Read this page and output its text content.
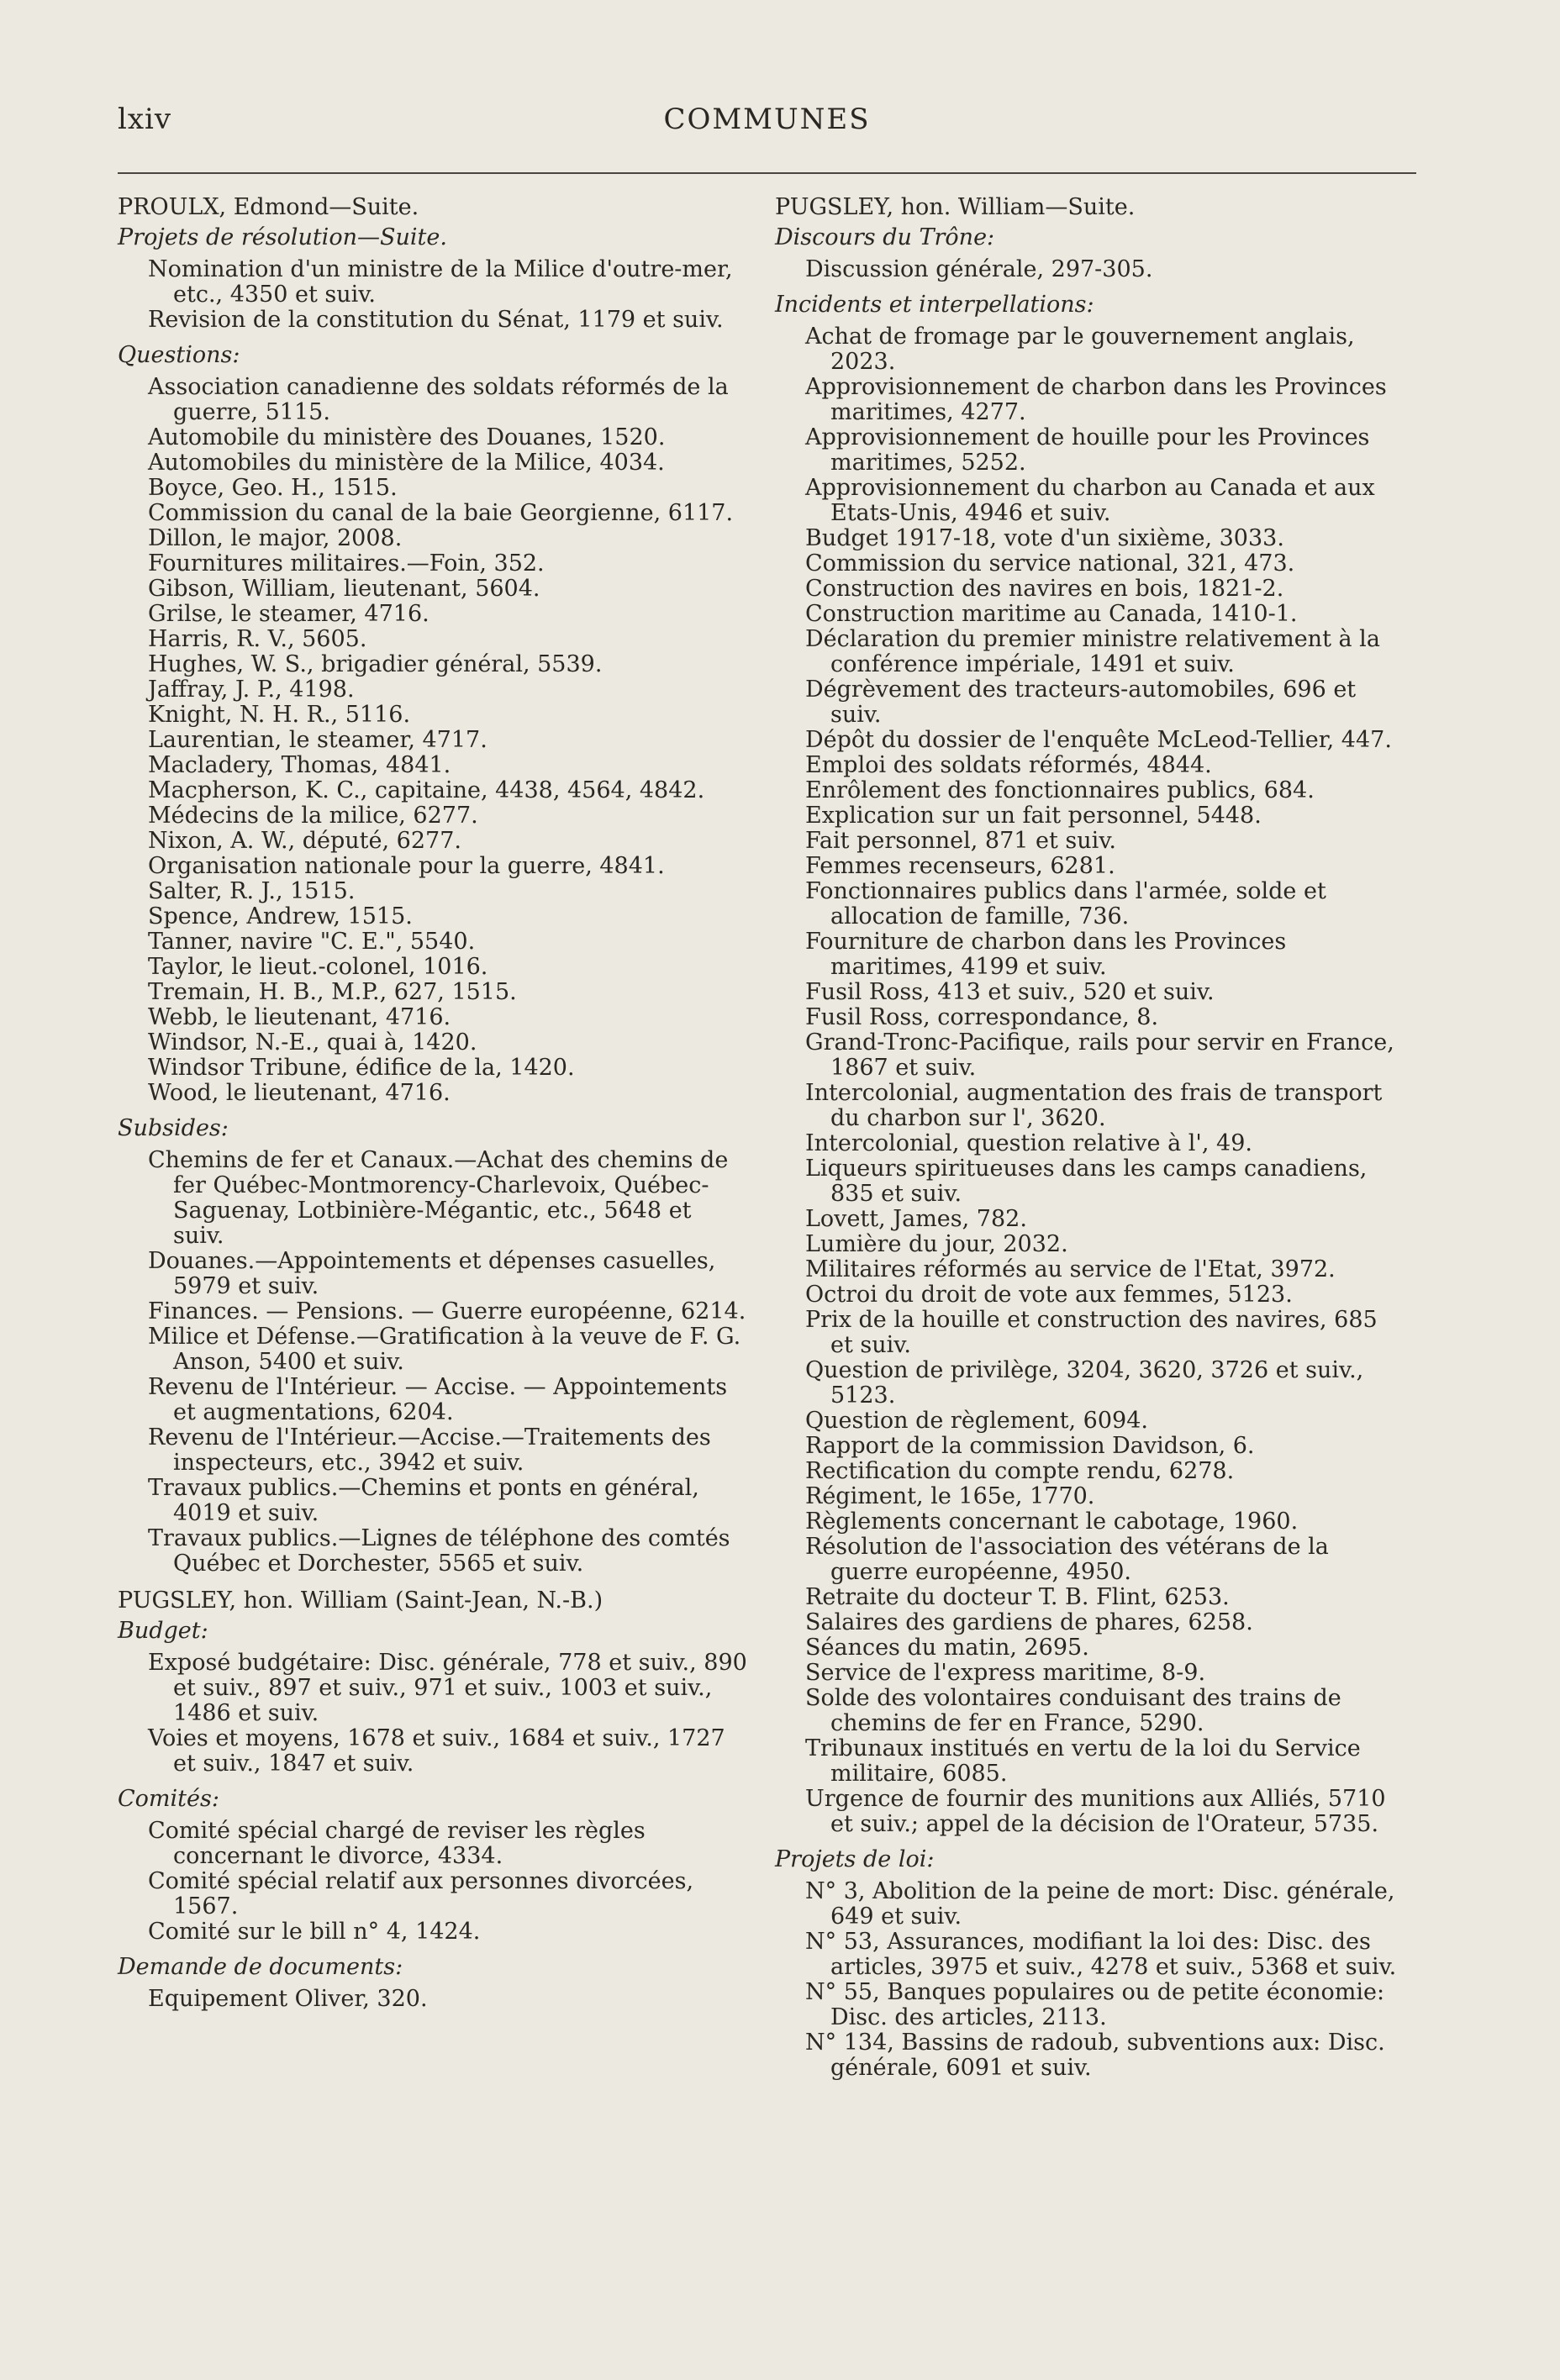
lxiv	COMMUNES

PROULX, Edmond—Suite.

Projets de résolution—Suite.

Nomination d'un ministre de la Milice d'outre-mer, etc., 4350 et suiv.

Revision de la constitution du Sénat, 1179 et suiv.

Questions:

Association canadienne des soldats réformés de la guerre, 5115.

Automobile du ministère des Douanes, 1520.

Automobiles du ministère de la Milice, 4034.

Boyce, Geo. H., 1515.

Commission du canal de la baie Georgienne, 6117.

Dillon, le major, 2008.

Fournitures militaires.—Foin, 352.

Gibson, William, lieutenant, 5604.

Grilse, le steamer, 4716.

Harris, R. V., 5605.

Hughes, W. S., brigadier général, 5539.

Jaffray, J. P., 4198.

Knight, N. H. R., 5116.

Laurentian, le steamer, 4717.

Macladery, Thomas, 4841.

Macpherson, K. C., capitaine, 4438, 4564, 4842.

Médecins de la milice, 6277.

Nixon, A. W., député, 6277.

Organisation nationale pour la guerre, 4841.

Salter, R. J., 1515.

Spence, Andrew, 1515.

Tanner, navire "C. E.", 5540.

Taylor, le lieut.-colonel, 1016.

Tremain, H. B., M.P., 627, 1515.

Webb, le lieutenant, 4716.

Windsor, N.-E., quai à, 1420.

Windsor Tribune, édifice de la, 1420.

Wood, le lieutenant, 4716.

Subsides:

Chemins de fer et Canaux.—Achat des chemins de fer Québec-Montmorency-Charlevoix, Québec-Saguenay, Lotbinière-Mégantic, etc., 5648 et suiv.

Douanes.—Appointements et dépenses casuelles, 5979 et suiv.

Finances. — Pensions. — Guerre européenne, 6214.

Milice et Défense.—Gratification à la veuve de F. G. Anson, 5400 et suiv.

Revenu de l'Intérieur. — Accise. — Appointements et augmentations, 6204.

Revenu de l'Intérieur.—Accise.—Traitements des inspecteurs, etc., 3942 et suiv.

Travaux publics.—Chemins et ponts en général, 4019 et suiv.

Travaux publics.—Lignes de téléphone des comtés Québec et Dorchester, 5565 et suiv.

PUGSLEY, hon. William (Saint-Jean, N.-B.)

Budget:

Exposé budgétaire: Disc. générale, 778 et suiv., 890 et suiv., 897 et suiv., 971 et suiv., 1003 et suiv., 1486 et suiv.

Voies et moyens, 1678 et suiv., 1684 et suiv., 1727 et suiv., 1847 et suiv.

Comités:

Comité spécial chargé de reviser les règles concernant le divorce, 4334.

Comité spécial relatif aux personnes divorcées, 1567.

Comité sur le bill n° 4, 1424.

Demande de documents:

Equipement Oliver, 320.

PUGSLEY, hon. William—Suite.

Discours du Trône:

Discussion générale, 297-305.

Incidents et interpellations:

Achat de fromage par le gouvernement anglais, 2023.

Approvisionnement de charbon dans les Provinces maritimes, 4277.

Approvisionnement de houille pour les Provinces maritimes, 5252.

Approvisionnement du charbon au Canada et aux Etats-Unis, 4946 et suiv.

Budget 1917-18, vote d'un sixième, 3033.

Commission du service national, 321, 473.

Construction des navires en bois, 1821-2.

Construction maritime au Canada, 1410-1.

Déclaration du premier ministre relativement à la conférence impériale, 1491 et suiv.

Dégrèvement des tracteurs-automobiles, 696 et suiv.

Dépôt du dossier de l'enquête McLeod-Tellier, 447.

Emploi des soldats réformés, 4844.

Enrôlement des fonctionnaires publics, 684.

Explication sur un fait personnel, 5448.

Fait personnel, 871 et suiv.

Femmes recenseurs, 6281.

Fonctionnaires publics dans l'armée, solde et allocation de famille, 736.

Fourniture de charbon dans les Provinces maritimes, 4199 et suiv.

Fusil Ross, 413 et suiv., 520 et suiv.

Fusil Ross, correspondance, 8.

Grand-Tronc-Pacifique, rails pour servir en France, 1867 et suiv.

Intercolonial, augmentation des frais de transport du charbon sur l', 3620.

Intercolonial, question relative à l', 49.

Liqueurs spiritueuses dans les camps canadiens, 835 et suiv.

Lovett, James, 782.

Lumière du jour, 2032.

Militaires réformés au service de l'Etat, 3972.

Octroi du droit de vote aux femmes, 5123.

Prix de la houille et construction des navires, 685 et suiv.

Question de privilège, 3204, 3620, 3726 et suiv., 5123.

Question de règlement, 6094.

Rapport de la commission Davidson, 6.

Rectification du compte rendu, 6278.

Régiment, le 165e, 1770.

Règlements concernant le cabotage, 1960.

Résolution de l'association des vétérans de la guerre européenne, 4950.

Retraite du docteur T. B. Flint, 6253.

Salaires des gardiens de phares, 6258.

Séances du matin, 2695.

Service de l'express maritime, 8-9.

Solde des volontaires conduisant des trains de chemins de fer en France, 5290.

Tribunaux institués en vertu de la loi du Service militaire, 6085.

Urgence de fournir des munitions aux Alliés, 5710 et suiv.; appel de la décision de l'Orateur, 5735.

Projets de loi:

N° 3, Abolition de la peine de mort: Disc. générale, 649 et suiv.

N° 53, Assurances, modifiant la loi des: Disc. des articles, 3975 et suiv., 4278 et suiv., 5368 et suiv.

N° 55, Banques populaires ou de petite économie: Disc. des articles, 2113.

N° 134, Bassins de radoub, subventions aux: Disc. générale, 6091 et suiv.
